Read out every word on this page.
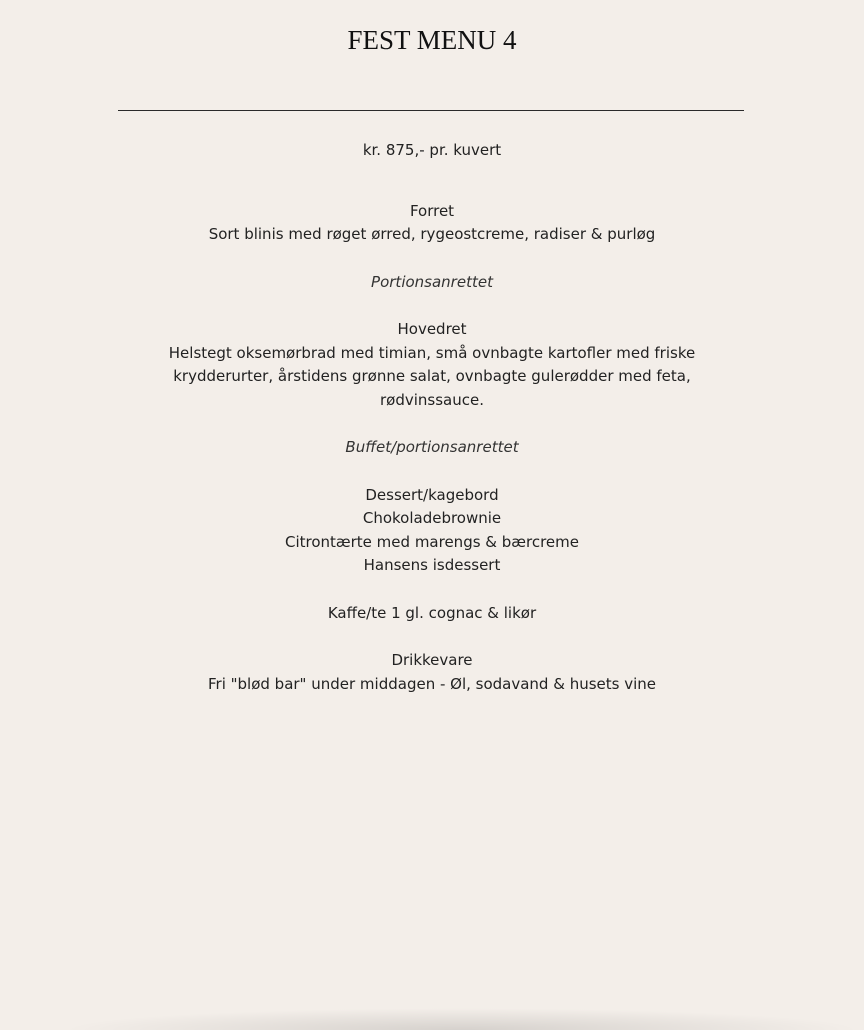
FEST MENU 4
kr. 875,- pr. kuvert
Forret
Sort blinis med røget ørred, rygeostcreme, radiser & purløg
Portionsanrettet
Hovedret
Helstegt oksemørbrad med timian, små ovnbagte kartofler med friske
krydderurter, årstidens grønne salat, ovnbagte gulerødder med feta,
rødvinssauce.
Buffet/portionsanrettet
Dessert/kagebord
Chokoladebrownie
Citrontærte med marengs & bærcreme
Hansens isdessert
Kaffe/te 1 gl. cognac & likør
Drikkevare
Fri "blød bar" under middagen - Øl, sodavand & husets vine
